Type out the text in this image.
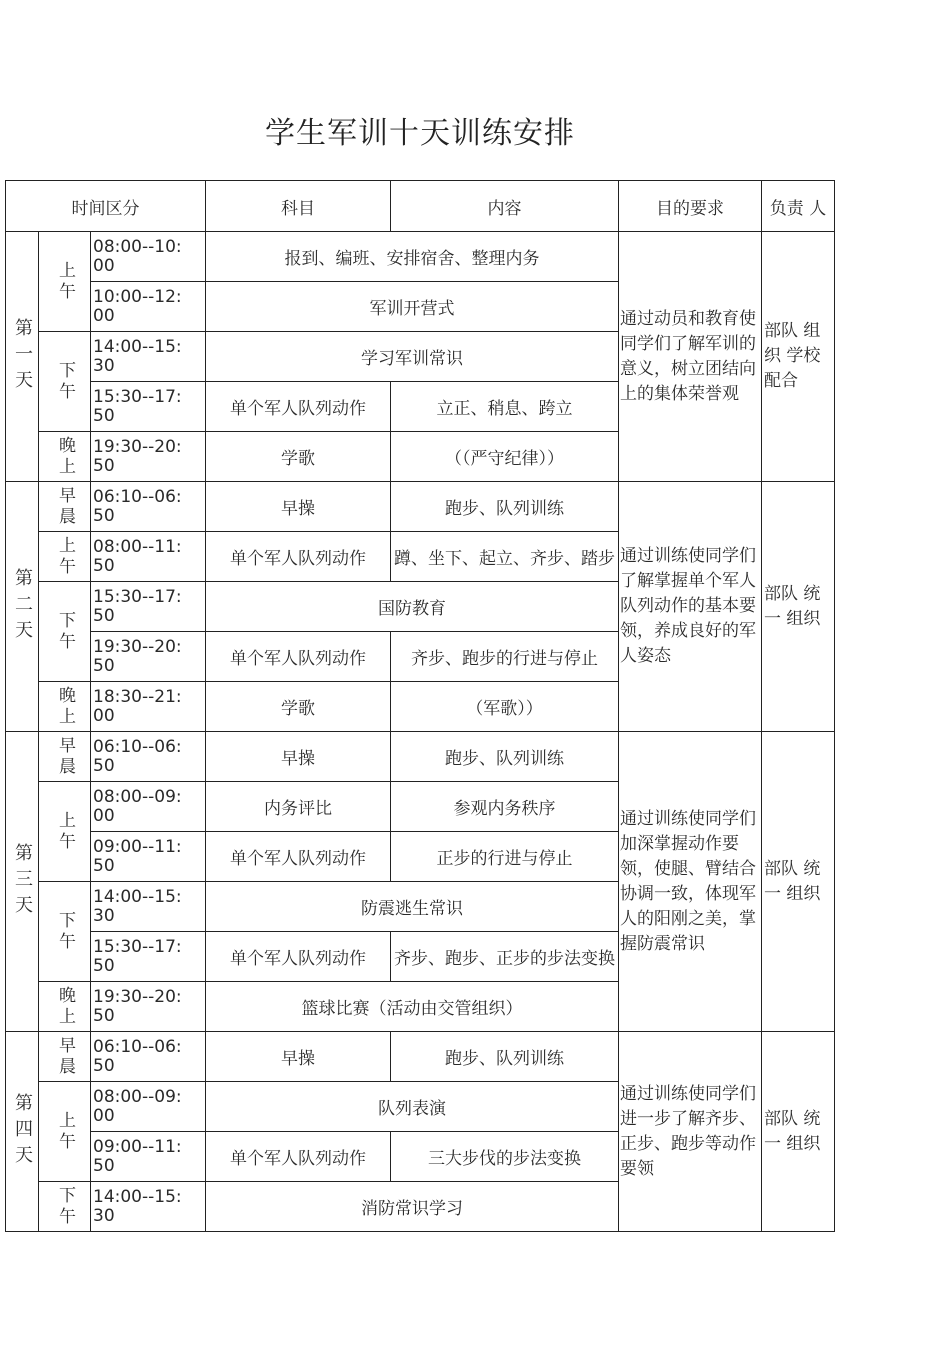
学生军训十天训练安排
时间区分			科目	内容	目的要求	负责 人

第一天	上午	08:00--10:
00	报到、编班、安排宿舍、整理内务		通过动员和教育使同学们了解军训的意义，树立团结向上的集体荣誉观	部队 组织 学校配合
		10:00--12:
00	军训开营式			

	下午	14:00--15:
30	学习军训常识			
		15:30--17:
50	单个军人队列动作	立正、稍息、跨立		

	晚上	19:30--20:
50	学歌	（（严守纪律））		

第二天	早晨	06:10--06:
50	早操	跑步、队列训练	通过训练使同学们了解掌握单个军人队列动作的基本要领，养成良好的军人姿态	部队 统一 组织

	上午	08:00--11:
50	单个军人队列动作	蹲、坐下、起立、齐步、踏步		

	下午	15:30--17:
50	国防教育			
		19:30--20:
50	单个军人队列动作	齐步、跑步的行进与停止		

	晚上	18:30--21:
00	学歌	（军歌））		

第三天	早晨	06:10--06:
50	早操	跑步、队列训练	通过训练使同学们加深掌握动作要领，使腿、臂结合协调一致，体现军人的阳刚之美，掌握防震常识	部队 统一 组织

	上午	08:00--09:
00	内务评比	参观内务秩序		
		09:00--11:
50	单个军人队列动作	正步的行进与停止		

	下午	14:00--15:
30	防震逃生常识			
		15:30--17:
50	单个军人队列动作	齐步、跑步、正步的步法变换		

	晚上	19:30--20:
50	篮球比赛（活动由交管组织）			

第四天	早晨	06:10--06:
50	早操	跑步、队列训练	通过训练使同学们进一步了解齐步、正步、跑步等动作要领	部队 统一 组织

	上午	08:00--09:
00	队列表演			
		09:00--11:
50	单个军人队列动作	三大步伐的步法变换		

	下午	14:00--15:
30	消防常识学习			
